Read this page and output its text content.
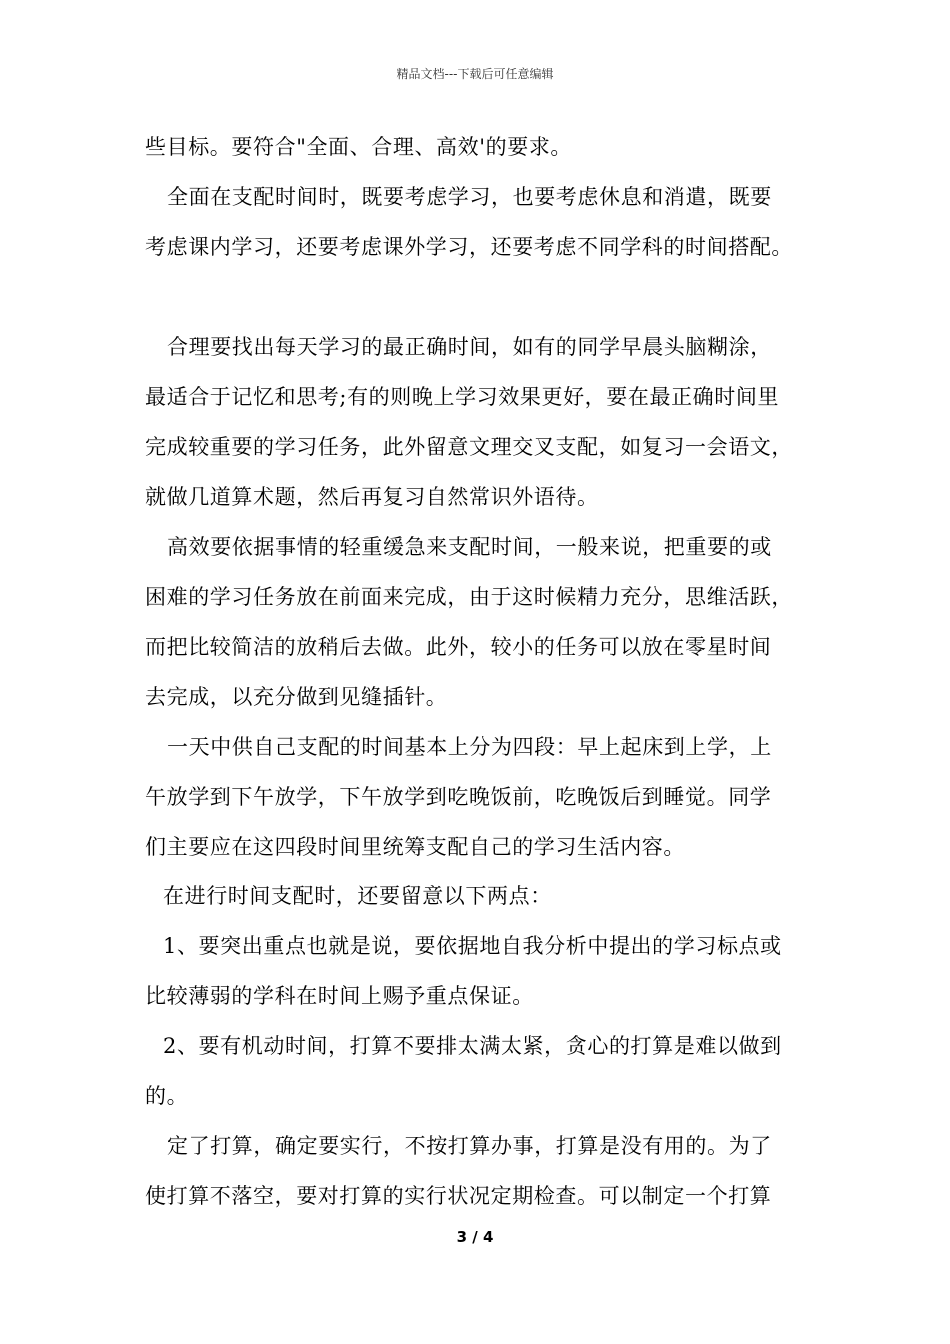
精品文档---下载后可任意编辑
些目标。要符合"全面、合理、高效'的要求。
全面在支配时间时，既要考虑学习，也要考虑休息和消遣，既要
考虑课内学习，还要考虑课外学习，还要考虑不同学科的时间搭配。
合理要找出每天学习的最正确时间，如有的同学早晨头脑糊涂，
最适合于记忆和思考;有的则晚上学习效果更好，要在最正确时间里
完成较重要的学习任务，此外留意文理交叉支配，如复习一会语文，
就做几道算术题，然后再复习自然常识外语待。
高效要依据事情的轻重缓急来支配时间，一般来说，把重要的或
困难的学习任务放在前面来完成，由于这时候精力充分，思维活跃，
而把比较简洁的放稍后去做。此外，较小的任务可以放在零星时间
去完成，以充分做到见缝插针。
一天中供自己支配的时间基本上分为四段：早上起床到上学，上
午放学到下午放学，下午放学到吃晚饭前，吃晚饭后到睡觉。同学
们主要应在这四段时间里统筹支配自己的学习生活内容。
在进行时间支配时，还要留意以下两点：
1、要突出重点也就是说，要依据地自我分析中提出的学习标点或
比较薄弱的学科在时间上赐予重点保证。
2、要有机动时间，打算不要排太满太紧，贪心的打算是难以做到
的。
定了打算，确定要实行，不按打算办事，打算是没有用的。为了
使打算不落空，要对打算的实行状况定期检查。可以制定一个打算
3 / 4
